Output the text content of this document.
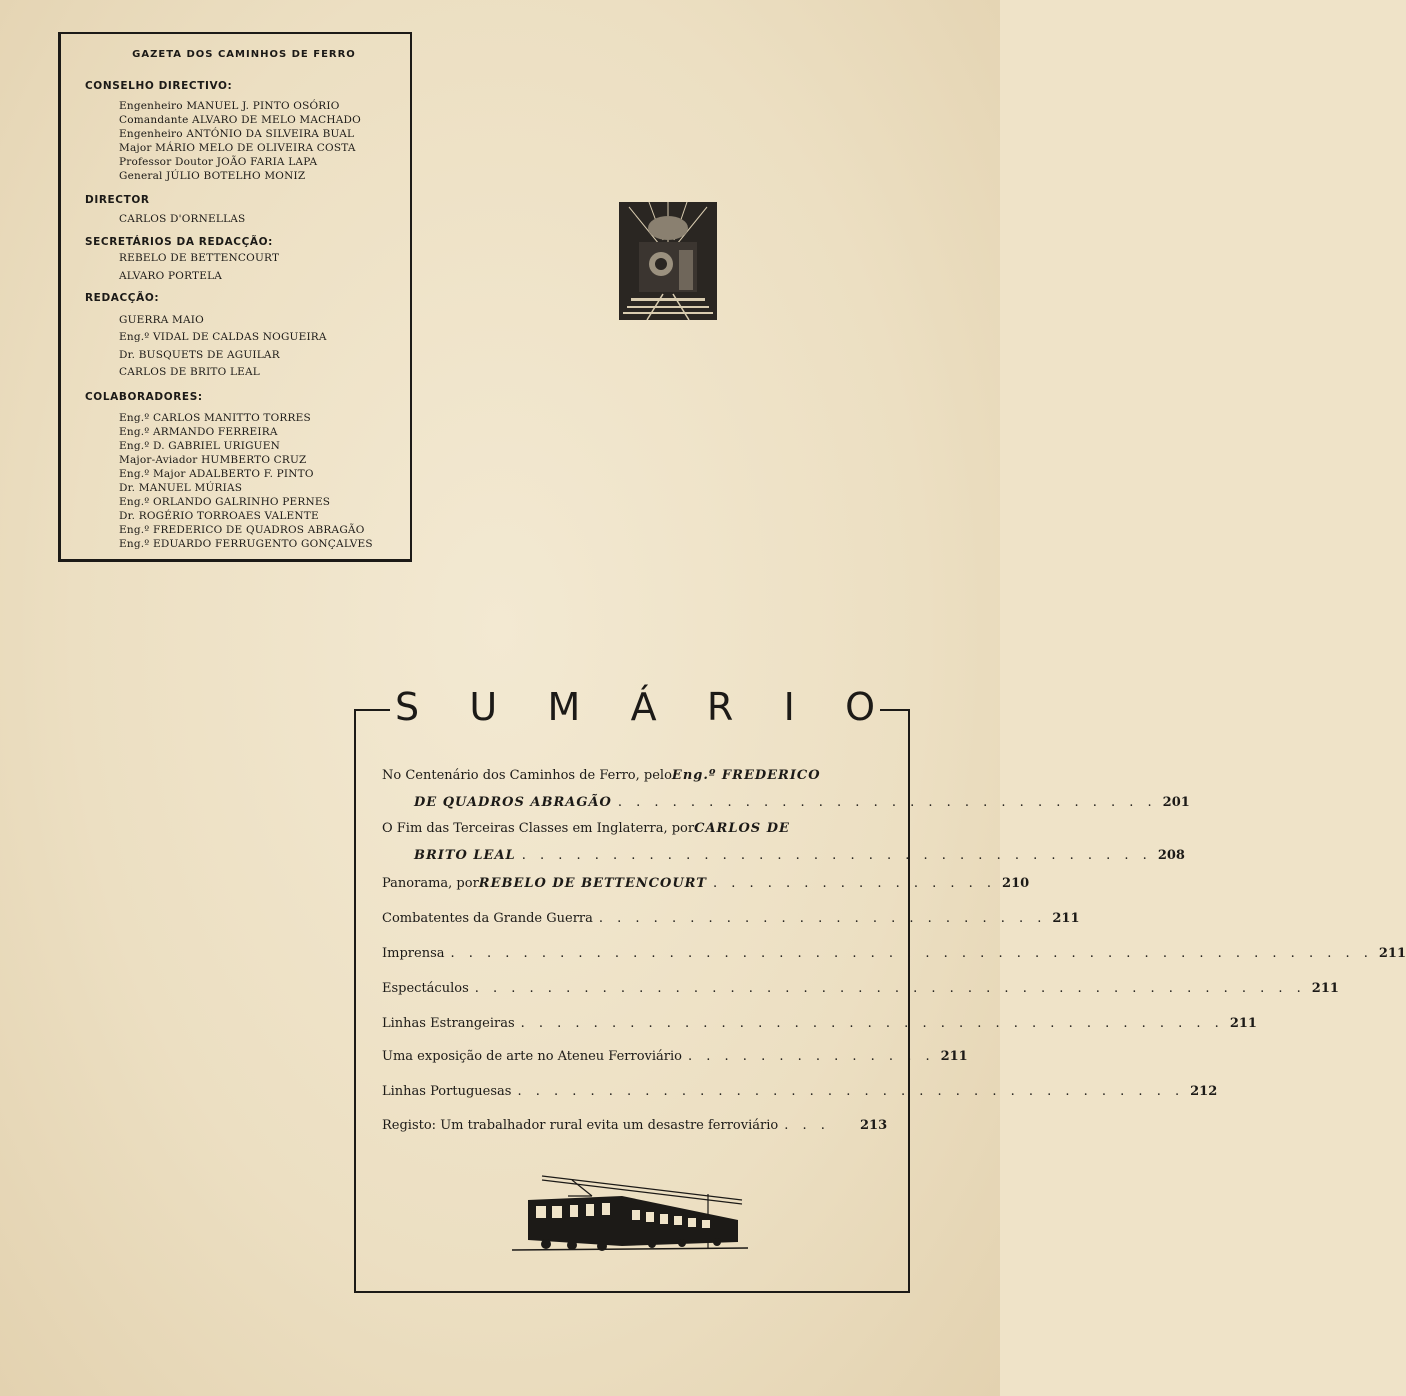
GAZETA DOS CAMINHOS DE FERRO
CONSELHO DIRECTIVO:
Engenheiro MANUEL J. PINTO OSÓRIO
Comandante ALVARO DE MELO MACHADO
Engenheiro ANTÓNIO DA SILVEIRA BUAL
Major MÁRIO MELO DE OLIVEIRA COSTA
Professor Doutor JOÃO FARIA LAPA
General JÚLIO BOTELHO MONIZ
DIRECTOR
CARLOS D'ORNELLAS
SECRETÁRIOS DA REDACÇÃO:
REBELO DE BETTENCOURT
ALVARO PORTELA
REDACÇÃO:
GUERRA MAIO
Eng.º VIDAL DE CALDAS NOGUEIRA
Dr. BUSQUETS DE AGUILAR
CARLOS DE BRITO LEAL
COLABORADORES:
Eng.º CARLOS MANITTO TORRES
Eng.º ARMANDO FERREIRA
Eng.º D. GABRIEL URIGUEN
Major-Aviador HUMBERTO CRUZ
Eng.º Major ADALBERTO F. PINTO
Dr. MANUEL MÚRIAS
Eng.º ORLANDO GALRINHO PERNES
Dr. ROGÉRIO TORROAES VALENTE
Eng.º FREDERICO DE QUADROS ABRAGÃO
Eng.º EDUARDO FERRUGENTO GONÇALVES
S U M Á R I O
No Centenário dos Caminhos de Ferro, pelo Eng.º FREDERICO
DE QUADROS ABRAGÃO . . . . . . . . . . . . . . . . . . . . . . . . . . . . . . 201
O Fim das Terceiras Classes em Inglaterra, por CARLOS DE
BRITO LEAL . . . . . . . . . . . . . . . . . . . . . . . . . . . . . . . . . . . 208
Panorama, por REBELO DE BETTENCOURT . . . . . . . . . . . . . . . . 210
Combatentes da Grande Guerra . . . . . . . . . . . . . . . . . . . . . . . . . 211
Imprensa . . . . . . . . . . . . . . . . . . . . . . . . . . . . . . . . . . . . . . . . . . . . . . . . . . . 211
Espectáculos . . . . . . . . . . . . . . . . . . . . . . . . . . . . . . . . . . . . . . . . . . . . . . 211
Linhas Estrangeiras . . . . . . . . . . . . . . . . . . . . . . . . . . . . . . . . . . . . . . . 211
Uma exposição de arte no Ateneu Ferroviário . . . . . . . . . . . . . . 211
Linhas Portuguesas . . . . . . . . . . . . . . . . . . . . . . . . . . . . . . . . . . . . . 212
Registo: Um trabalhador rural evita um desastre ferroviário . . .	213
